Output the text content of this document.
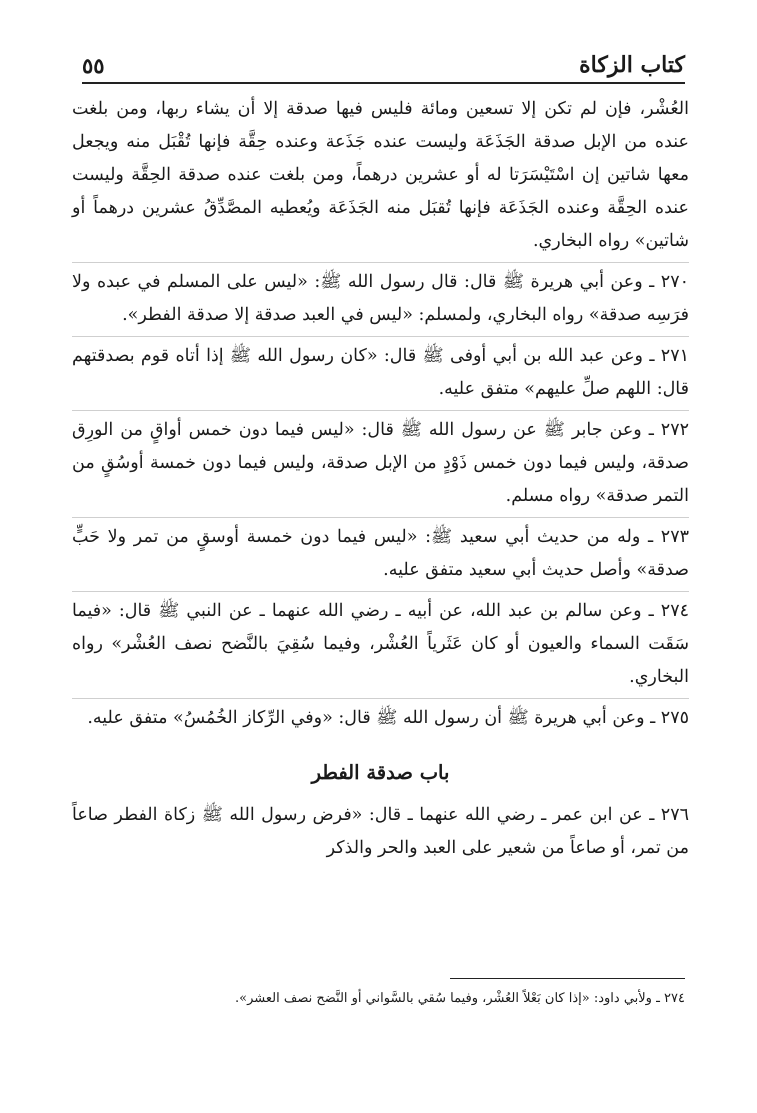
٥٥	كتاب الزكاة

العُشْر، فإن لم تكن إلا تسعين ومائة فليس فيها صدقة إلا أن يشاء ربها، ومن بلغت عنده من الإبل صدقة الجَذَعَة وليست عنده جَذَعة وعنده حِقَّة فإنها تُقْبَل منه ويجعل معها شاتين إن اسْتَيْسَرَتا له أو عشرين درهماً، ومن بلغت عنده صدقة الحِقَّة وليست عنده الحِقَّة وعنده الجَذَعَة فإنها تُقبَل منه الجَذَعَة ويُعطيه المصَّدِّقُ عشرين درهماً أو شاتين» رواه البخاري.

٢٧٠ ـ وعن أبي هريرة ﷺ قال: قال رسول الله ﷺ: «ليس على المسلم في عبده ولا فرَسِه صدقة» رواه البخاري، ولمسلم: «ليس في العبد صدقة إلا صدقة الفطر».

٢٧١ ـ وعن عبد الله بن أبي أوفى ﷺ قال: «كان رسول الله ﷺ إذا أتاه قوم بصدقتهم قال: اللهم صلِّ عليهم» متفق عليه.

٢٧٢ ـ وعن جابر ﷺ عن رسول الله ﷺ قال: «ليس فيما دون خمس أواقٍ من الورِق صدقة، وليس فيما دون خمس ذَوْدٍ من الإبل صدقة، وليس فيما دون خمسة أوسُقٍ من التمر صدقة» رواه مسلم.

٢٧٣ ـ وله من حديث أبي سعيد ﷺ: «ليس فيما دون خمسة أوسقٍ من تمر ولا حَبٍّ صدقة» وأصل حديث أبي سعيد متفق عليه.

٢٧٤ ـ وعن سالم بن عبد الله، عن أبيه ـ رضي الله عنهما ـ عن النبي ﷺ قال: «فيما سَقَت السماء والعيون أو كان عَثَرياً العُشْر، وفيما سُقِيَ بالنَّضح نصف العُشْر» رواه البخاري.

٢٧٥ ـ وعن أبي هريرة ﷺ أن رسول الله ﷺ قال: «وفي الرِّكاز الخُمُسُ» متفق عليه.

باب صدقة الفطر

٢٧٦ ـ عن ابن عمر ـ رضي الله عنهما ـ قال: «فرض رسول الله ﷺ زكاة الفطر صاعاً من تمر، أو صاعاً من شعير على العبد والحر والذكر

٢٧٤ ـ ولأبي داود: «إذا كان بَعْلاً العُشْر، وفيما سُقي بالسَّواني أو النَّضح نصف العشر».
